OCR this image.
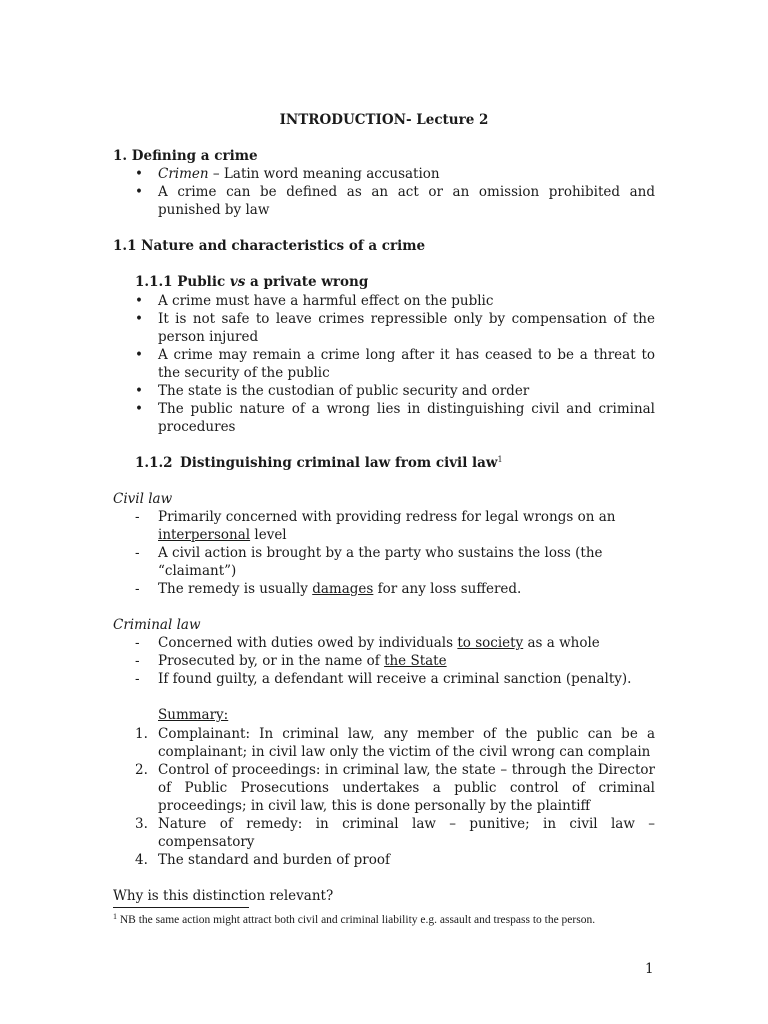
INTRODUCTION- Lecture 2

1. Defining a crime

• Crimen – Latin word meaning accusation
• A crime can be defined as an act or an omission prohibited and punished by law

1.1 Nature and characteristics of a crime

1.1.1 Public vs a private wrong

• A crime must have a harmful effect on the public
• It is not safe to leave crimes repressible only by compensation of the person injured
• A crime may remain a crime long after it has ceased to be a threat to the security of the public
• The state is the custodian of public security and order
• The public nature of a wrong lies in distinguishing civil and criminal procedures

1.1.2 Distinguishing criminal law from civil law$^1$

Civil law

- Primarily concerned with providing redress for legal wrongs on an interpersonal level
- A civil action is brought by a the party who sustains the loss (the “claimant”)
- The remedy is usually damages for any loss suffered.

Criminal law

- Concerned with duties owed by individuals to society as a whole
- Prosecuted by, or in the name of the State
- If found guilty, a defendant will receive a criminal sanction (penalty).

Summary:

1. Complainant: In criminal law, any member of the public can be a complainant; in civil law only the victim of the civil wrong can complain
2. Control of proceedings: in criminal law, the state – through the Director of Public Prosecutions undertakes a public control of criminal proceedings; in civil law, this is done personally by the plaintiff
3. Nature of remedy: in criminal law – punitive; in civil law – compensatory
4. The standard and burden of proof

Why is this distinction relevant?

$^1$ NB the same action might attract both civil and criminal liability e.g. assault and trespass to the person.
1
